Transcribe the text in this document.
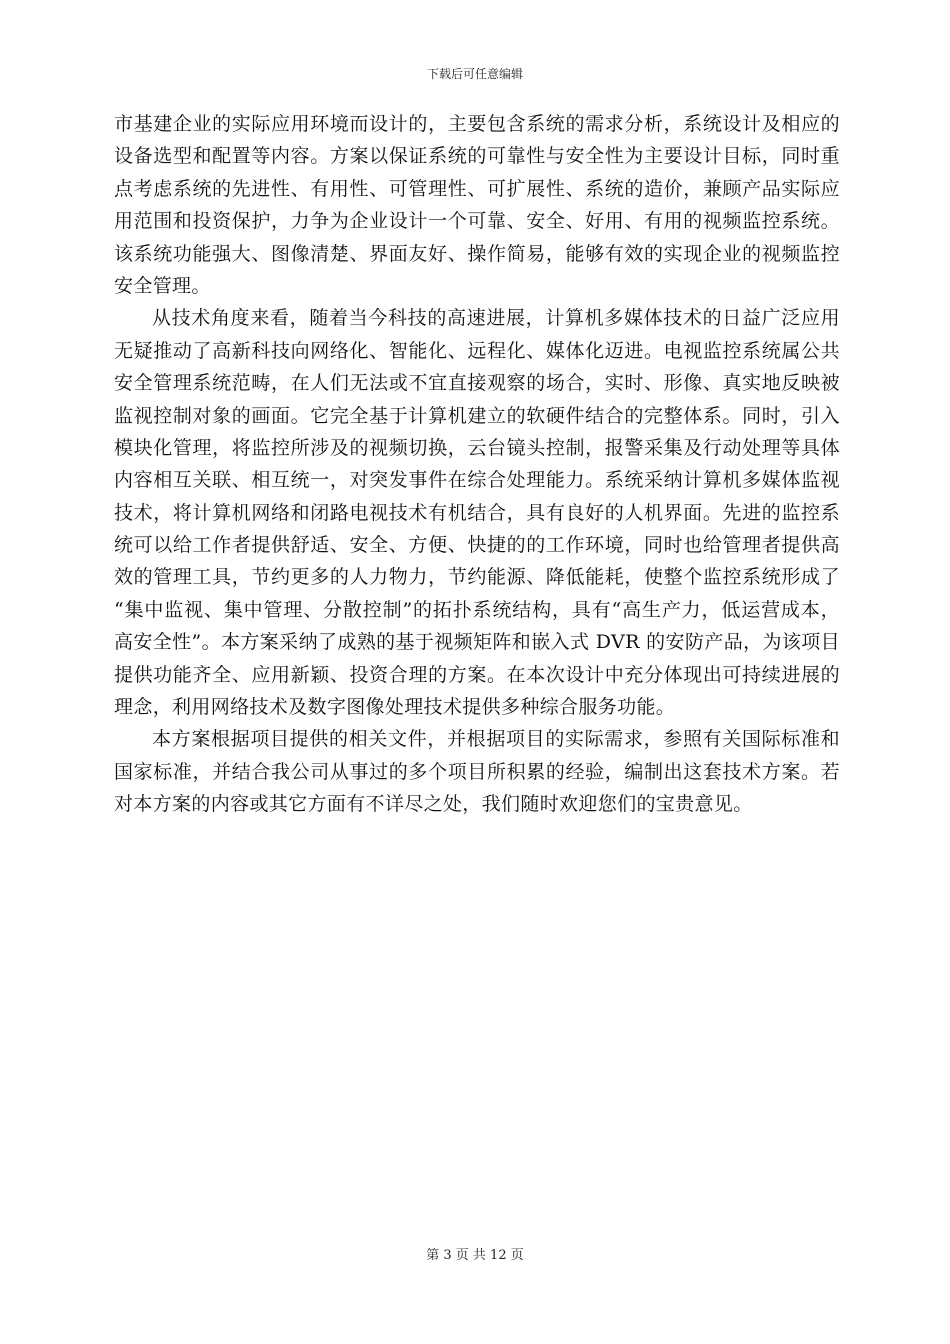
下载后可任意编辑
市基建企业的实际应用环境而设计的，主要包含系统的需求分析，系统设计及相应的
设备选型和配置等内容。方案以保证系统的可靠性与安全性为主要设计目标，同时重
点考虑系统的先进性、有用性、可管理性、可扩展性、系统的造价，兼顾产品实际应
用范围和投资保护，力争为企业设计一个可靠、安全、好用、有用的视频监控系统。
该系统功能强大、图像清楚、界面友好、操作简易，能够有效的实现企业的视频监控
安全管理。
从技术角度来看，随着当今科技的高速进展，计算机多媒体技术的日益广泛应用
无疑推动了高新科技向网络化、智能化、远程化、媒体化迈进。电视监控系统属公共
安全管理系统范畴，在人们无法或不宜直接观察的场合，实时、形像、真实地反映被
监视控制对象的画面。它完全基于计算机建立的软硬件结合的完整体系。同时，引入
模块化管理，将监控所涉及的视频切换，云台镜头控制，报警采集及行动处理等具体
内容相互关联、相互统一，对突发事件在综合处理能力。系统采纳计算机多媒体监视
技术，将计算机网络和闭路电视技术有机结合，具有良好的人机界面。先进的监控系
统可以给工作者提供舒适、安全、方便、快捷的的工作环境，同时也给管理者提供高
效的管理工具，节约更多的人力物力，节约能源、降低能耗，使整个监控系统形成了
“集中监视、集中管理、分散控制”的拓扑系统结构，具有“高生产力，低运营成本，
高安全性”。本方案采纳了成熟的基于视频矩阵和嵌入式 DVR 的安防产品，为该项目
提供功能齐全、应用新颖、投资合理的方案。在本次设计中充分体现出可持续进展的
理念，利用网络技术及数字图像处理技术提供多种综合服务功能。
本方案根据项目提供的相关文件，并根据项目的实际需求，参照有关国际标准和
国家标准，并结合我公司从事过的多个项目所积累的经验，编制出这套技术方案。若
对本方案的内容或其它方面有不详尽之处，我们随时欢迎您们的宝贵意见。
第 3 页 共 12 页
